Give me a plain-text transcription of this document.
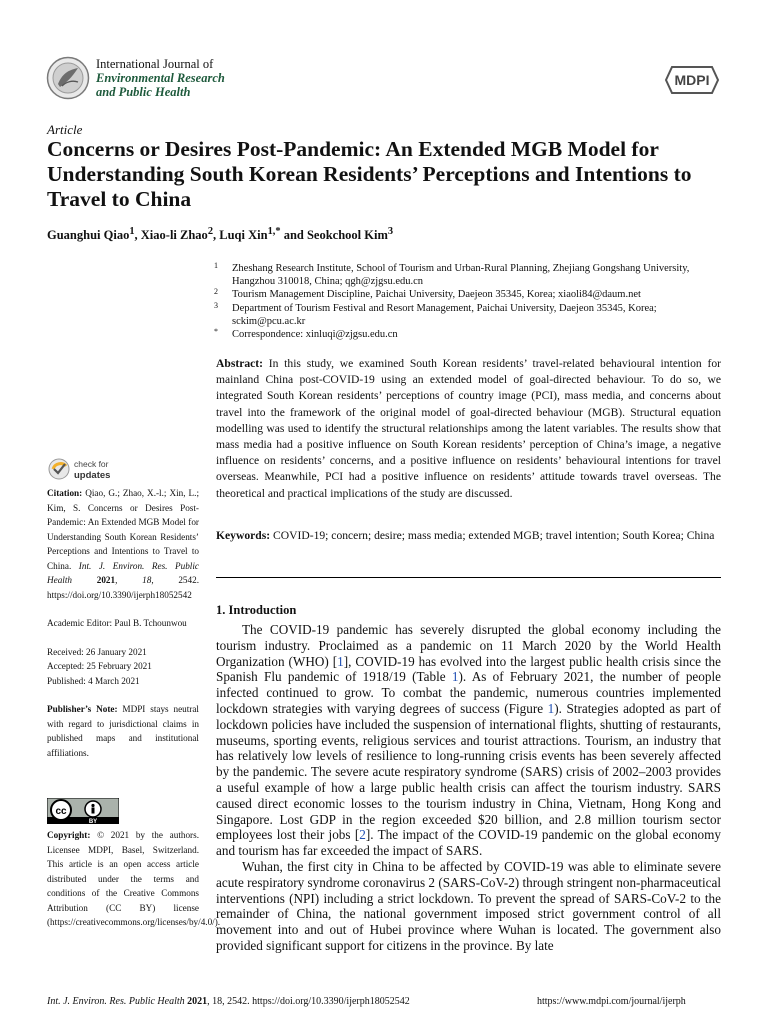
International Journal of
Environmental Research
and Public Health
MDPI
Article
Concerns or Desires Post-Pandemic: An Extended MGB Model for Understanding South Korean Residents’ Perceptions and Intentions to Travel to China
Guanghui Qiao$^1$, Xiao-li Zhao$^2$, Luqi Xin$^{1,*}$ and Seokchool Kim$^3$
1 Zheshang Research Institute, School of Tourism and Urban-Rural Planning, Zhejiang Gongshang University, Hangzhou 310018, China; qgh@zjgsu.edu.cn
2 Tourism Management Discipline, Paichai University, Daejeon 35345, Korea; xiaoli84@daum.net
3 Department of Tourism Festival and Resort Management, Paichai University, Daejeon 35345, Korea; sckim@pcu.ac.kr
* Correspondence: xinluqi@zjgsu.edu.cn
Abstract: In this study, we examined South Korean residents’ travel-related behavioural intention for mainland China post-COVID-19 using an extended model of goal-directed behaviour. To do so, we integrated South Korean residents’ perceptions of country image (PCI), mass media, and concerns about travel into the framework of the original model of goal-directed behaviour (MGB). Structural equation modelling was used to identify the structural relationships among the latent variables. The results show that mass media had a positive influence on South Korean residents’ perception of China’s image, a negative influence on residents’ concerns, and a positive influence on residents’ behavioural intentions for travel overseas. Meanwhile, PCI had a positive influence on residents’ attitude towards travel overseas. The theoretical and practical implications of the study are discussed.
Keywords: COVID-19; concern; desire; mass media; extended MGB; travel intention; South Korea; China
1. Introduction

The COVID-19 pandemic has severely disrupted the global economy including the tourism industry. Proclaimed as a pandemic on 11 March 2020 by the World Health Organization (WHO) [1], COVID-19 has evolved into the largest public health crisis since the Spanish Flu pandemic of 1918/19 (Table 1). As of February 2021, the number of people infected continued to grow. To combat the pandemic, numerous countries implemented lockdown strategies with varying degrees of success (Figure 1). Strategies adopted as part of lockdown policies have included the suspension of international flights, shutting of restaurants, museums, sporting events, religious services and tourist attractions. Tourism, an industry that has relatively low levels of resilience to long-running crisis events has been severely affected by the pandemic. The severe acute respiratory syndrome (SARS) crisis of 2002–2003 provides a useful example of how a large public health crisis can affect the tourism industry. SARS caused direct economic losses to the tourism industry in China, Vietnam, Hong Kong and Singapore. Lost GDP in the region exceeded $20 billion, and 2.8 million tourism sector employees lost their jobs [2]. The impact of the COVID-19 pandemic on the global economy and tourism has far exceeded the impact of SARS.

Wuhan, the first city in China to be affected by COVID-19 was able to eliminate severe acute respiratory syndrome coronavirus 2 (SARS-CoV-2) through stringent non-pharmaceutical interventions (NPI) including a strict lockdown. To prevent the spread of SARS-CoV-2 to the remainder of China, the national government imposed strict government control of all movement into and out of Hubei province where Wuhan is located. The government also provided significant support for citizens in the province. By late

check for
updates

Citation: Qiao, G.; Zhao, X.-l.; Xin, L.; Kim, S. Concerns or Desires Post-Pandemic: An Extended MGB Model for Understanding South Korean Residents’ Perceptions and Intentions to Travel to China. Int. J. Environ. Res. Public Health 2021, 18, 2542. https://doi.org/10.3390/ijerph18052542

Academic Editor: Paul B. Tchounwou

Received: 26 January 2021

Accepted: 25 February 2021

Published: 4 March 2021

Publisher’s Note: MDPI stays neutral with regard to jurisdictional claims in published maps and institutional affiliations.

cc
BY
Copyright: © 2021 by the authors. Licensee MDPI, Basel, Switzerland. This article is an open access article distributed under the terms and conditions of the Creative Commons Attribution (CC BY) license (https://creativecommons.org/licenses/by/4.0/).
Int. J. Environ. Res. Public Health 2021, 18, 2542. https://doi.org/10.3390/ijerph18052542	https://www.mdpi.com/journal/ijerph
